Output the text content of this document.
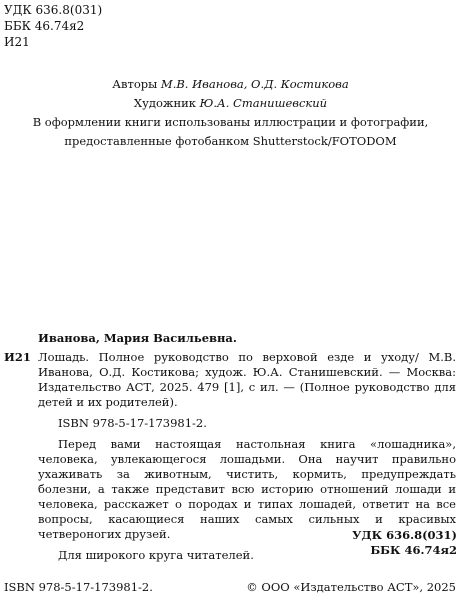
УДК 636.8(031)
ББК 46.74я2
И21
Авторы М.В. Иванова, О.Д. Костикова
Художник Ю.А. Станишевский
В оформлении книги использованы иллюстрации и фотографии,
предоставленные фотобанком Shutterstock/FOTODOM
Иванова, Мария Васильевна.
И21 Лошадь. Полное руководство по верховой езде и уходу/ М.В. Иванова, О.Д. Костикова; худож. Ю.А. Станишевский. — Москва: Издательство АСТ, 2025. 479 [1], с ил. — (Полное руководство для детей и их родителей).
ISBN 978-5-17-173981-2.
Перед вами настоящая настольная книга «лошадника», человека, увлекающегося лошадьми. Она научит правильно ухаживать за животным, чистить, кормить, предупреждать болезни, а также представит всю историю отношений лошади и человека, расскажет о породах и типах лошадей, ответит на все вопросы, касающиеся наших самых сильных и красивых четвероногих друзей.
Для широкого круга читателей.
УДК 636.8(031)
ББК 46.74я2
ISBN 978-5-17-173981-2.	© ООО «Издательство АСТ», 2025
